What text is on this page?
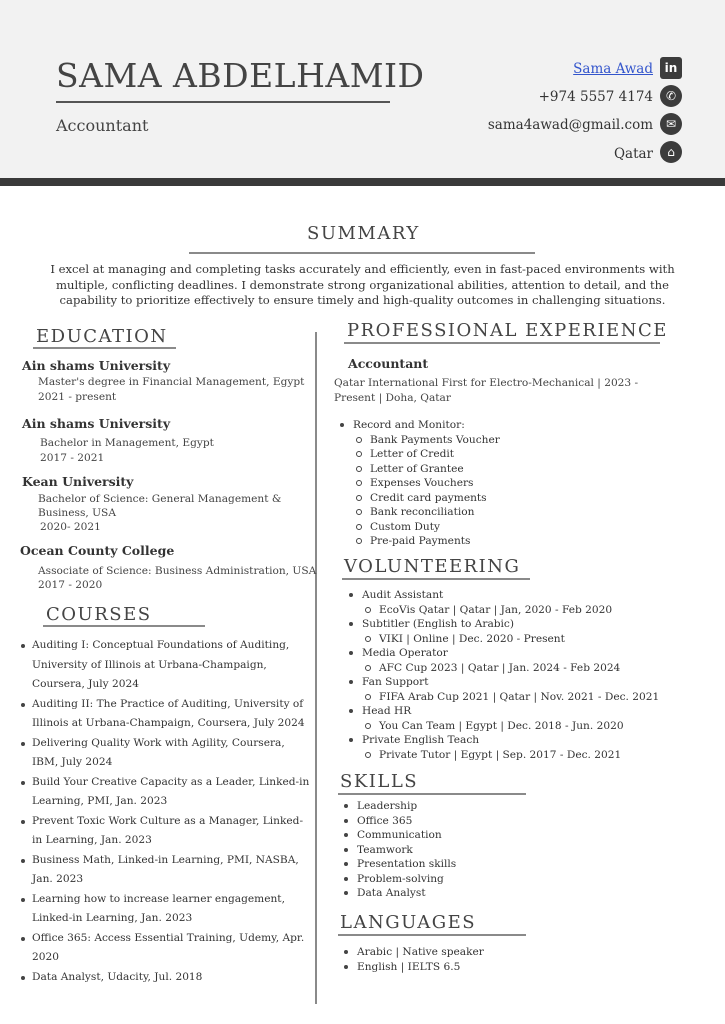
SAMA ABDELHAMID
Accountant
Sama Awad in
+974 5557 4174	✆
sama4awad@gmail.com	✉
Qatar	⌂
SUMMARY
I excel at managing and completing tasks accurately and efficiently, even in fast-paced environments with multiple, conflicting deadlines. I demonstrate strong organizational abilities, attention to detail, and the capability to prioritize effectively to ensure timely and high-quality outcomes in challenging situations.
EDUCATION
Ain shams University
Master's degree in Financial Management, Egypt
2021 - present
Ain shams University
Bachelor in Management, Egypt
2017 - 2021
Kean University
Bachelor of Science: General Management &
Business, USA
2020- 2021
Ocean County College
Associate of Science: Business Administration, USA
2017 - 2020
COURSES
Auditing I: Conceptual Foundations of Auditing, University of Illinois at Urbana-Champaign, Coursera, July 2024
Auditing II: The Practice of Auditing, University of Illinois at Urbana-Champaign, Coursera, July 2024
Delivering Quality Work with Agility, Coursera, IBM, July 2024
Build Your Creative Capacity as a Leader, Linked-in Learning, PMI, Jan. 2023
Prevent Toxic Work Culture as a Manager, Linked-in Learning, Jan. 2023
Business Math, Linked-in Learning, PMI, NASBA, Jan. 2023
Learning how to increase learner engagement, Linked-in Learning, Jan. 2023
Office 365: Access Essential Training, Udemy, Apr. 2020
Data Analyst, Udacity, Jul. 2018
PROFESSIONAL EXPERIENCE
Accountant
Qatar International First for Electro-Mechanical | 2023 - Present | Doha, Qatar
Record and Monitor:
Bank Payments Voucher
Letter of Credit
Letter of Grantee
Expenses Vouchers
Credit card payments
Bank reconciliation
Custom Duty
Pre-paid Payments
VOLUNTEERING
Audit Assistant
EcoVis Qatar | Qatar | Jan, 2020 - Feb 2020
Subtitler (English to Arabic)
VIKI | Online | Dec. 2020 - Present
Media Operator
AFC Cup 2023 | Qatar | Jan. 2024 - Feb 2024
Fan Support
FIFA Arab Cup 2021 | Qatar | Nov. 2021 - Dec. 2021
Head HR
You Can Team | Egypt | Dec. 2018 - Jun. 2020
Private English Teach
Private Tutor | Egypt | Sep. 2017 - Dec. 2021
SKILLS
Leadership
Office 365
Communication
Teamwork
Presentation skills
Problem-solving
Data Analyst
LANGUAGES
Arabic | Native speaker
English | IELTS 6.5
